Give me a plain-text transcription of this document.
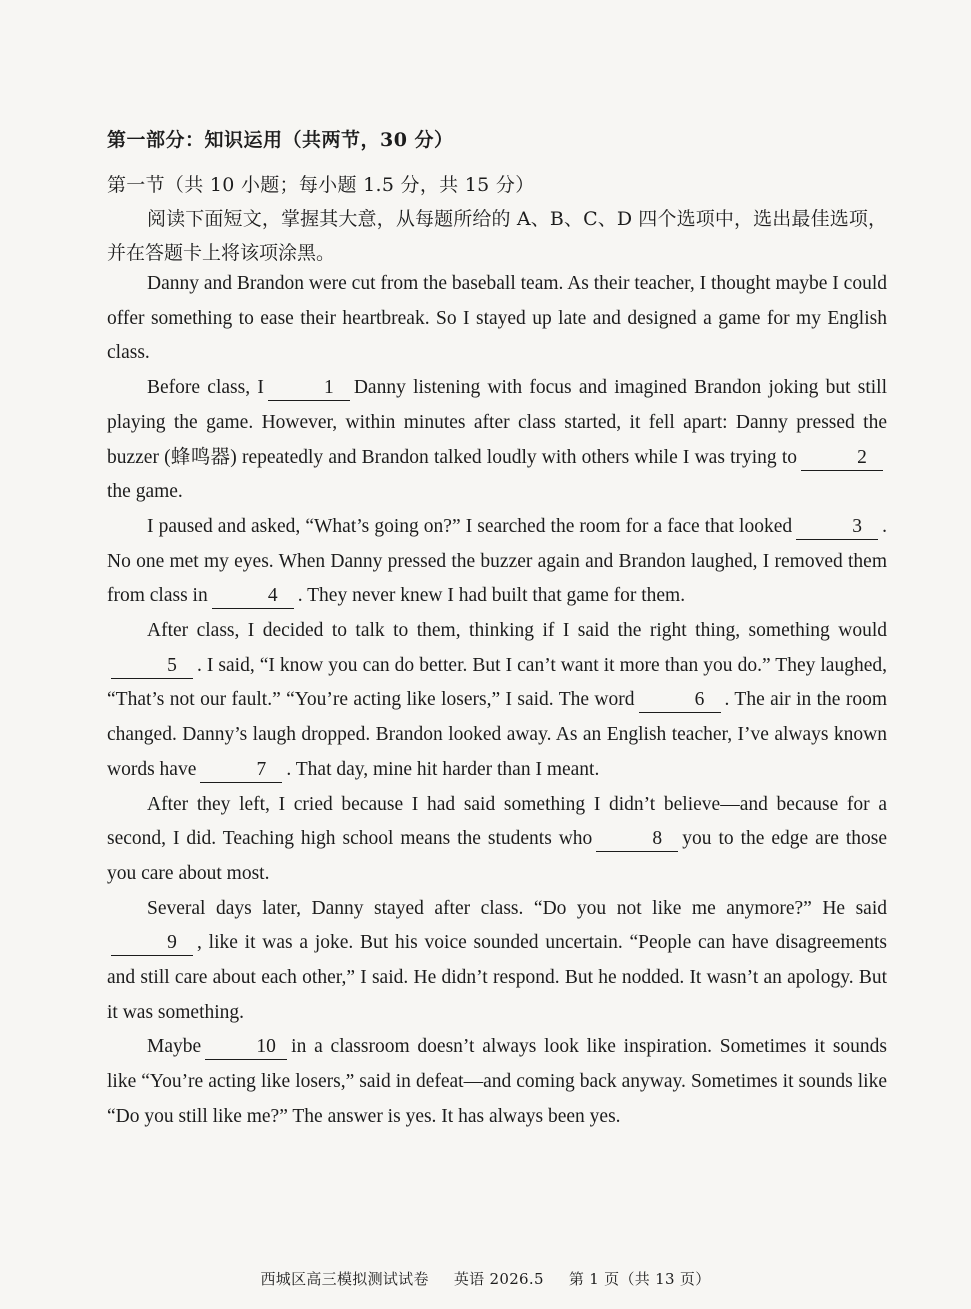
第一部分：知识运用（共两节，30 分）
第一节（共 10 小题；每小题 1.5 分，共 15 分）
阅读下面短文，掌握其大意，从每题所给的 A、B、C、D 四个选项中，选出最佳选项，并在答题卡上将该项涂黑。

Danny and Brandon were cut from the baseball team. As their teacher, I thought maybe I could offer something to ease their heartbreak. So I stayed up late and designed a game for my English class.

Before class, I	1 Danny listening with focus and imagined Brandon joking but still playing the game. However, within minutes after class started, it fell apart: Danny pressed the buzzer (蜂鸣器) repeatedly and Brandon talked loudly with others while I was trying to	2the game.

I paused and asked, “What’s going on?” I searched the room for a face that looked	3 . No one met my eyes. When Danny pressed the buzzer again and Brandon laughed, I removed them from class in	4 . They never knew I had built that game for them.

After class, I decided to talk to them, thinking if I said the right thing, something would5 . I said, “I know you can do better. But I can’t want it more than you do.” They laughed, “That’s not our fault.” “You’re acting like losers,” I said. The word	6 . The air in the room changed. Danny’s laugh dropped. Brandon looked away. As an English teacher, I’ve always known words have	7 . That day, mine hit harder than I meant.

After they left, I cried because I had said something I didn’t believe—and because for a second, I did. Teaching high school means the students who	8 you to the edge are those you care about most.

Several days later, Danny stayed after class. “Do you not like me anymore?” He said9 , like it was a joke. But his voice sounded uncertain. “People can have disagreements and still care about each other,” I said. He didn’t respond. But he nodded. It wasn’t an apology. But it was something.

Maybe	10 in a classroom doesn’t always look like inspiration. Sometimes it sounds like “You’re acting like losers,” said in defeat—and coming back anyway. Sometimes it sounds like “Do you still like me?” The answer is yes. It has always been yes.

西城区高三模拟测试试卷 英语 2026.5 第 1 页（共 13 页）
